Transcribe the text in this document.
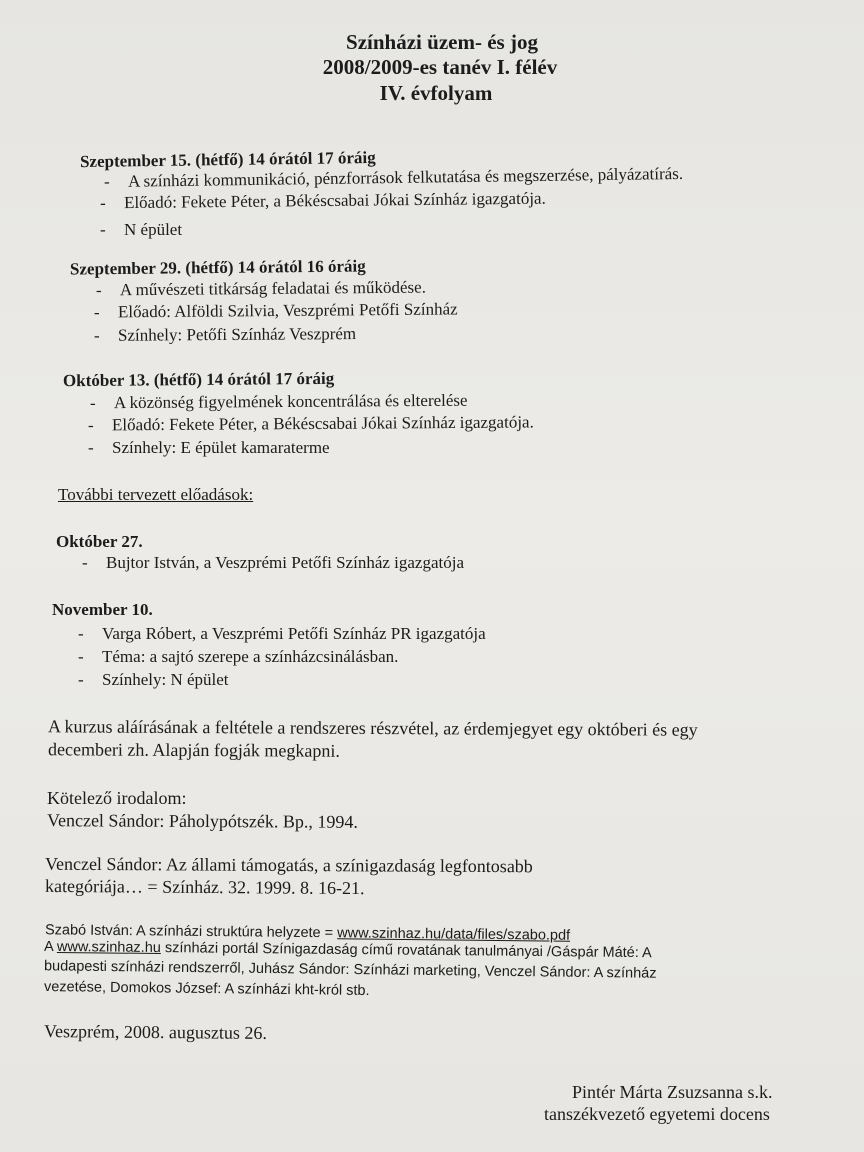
Színházi üzem- és jog
2008/2009-es tanév I. félév
IV. évfolyam
Szeptember 15. (hétfő) 14 órától 17 óráig
- A színházi kommunikáció, pénzforrások felkutatása és megszerzése, pályázatírás.
- Előadó: Fekete Péter, a Békéscsabai Jókai Színház igazgatója.
- N épület
Szeptember 29. (hétfő) 14 órától 16 óráig
- A művészeti titkárság feladatai és működése.
- Előadó: Alföldi Szilvia, Veszprémi Petőfi Színház
- Színhely: Petőfi Színház Veszprém
Október 13. (hétfő) 14 órától 17 óráig
- A közönség figyelmének koncentrálása és elterelése
- Előadó: Fekete Péter, a Békéscsabai Jókai Színház igazgatója.
- Színhely: E épület kamaraterme
További tervezett előadások:
Október 27.
- Bujtor István, a Veszprémi Petőfi Színház igazgatója
November 10.
- Varga Róbert, a Veszprémi Petőfi Színház PR igazgatója
- Téma: a sajtó szerepe a színházcsinálásban.
- Színhely: N épület
A kurzus aláírásának a feltétele a rendszeres részvétel, az érdemjegyet egy októberi és egy
decemberi zh. Alapján fogják megkapni.
Kötelező irodalom:
Venczel Sándor: Páholypótszék. Bp., 1994.
Venczel Sándor: Az állami támogatás, a színigazdaság legfontosabb
kategóriája… = Színház. 32. 1999. 8. 16-21.
Szabó István: A színházi struktúra helyzete = www.szinhaz.hu/data/files/szabo.pdf
A www.szinhaz.hu színházi portál Színigazdaság című rovatának tanulmányai /Gáspár Máté: A
budapesti színházi rendszerről, Juhász Sándor: Színházi marketing, Venczel Sándor: A színház
vezetése, Domokos József: A színházi kht-król stb.
Veszprém, 2008. augusztus 26.
Pintér Márta Zsuzsanna s.k.
tanszékvezető egyetemi docens
